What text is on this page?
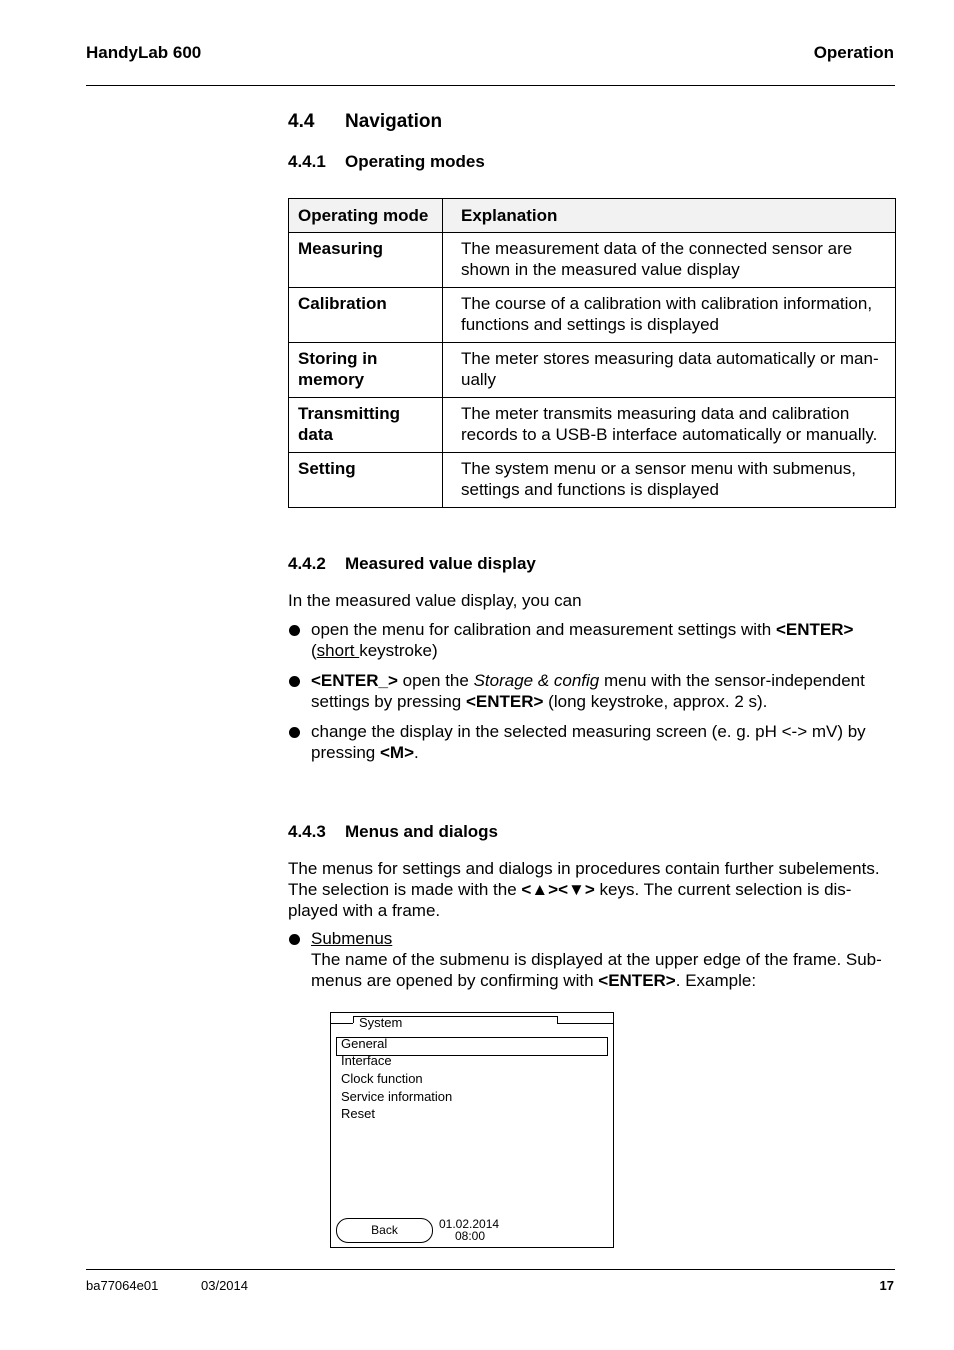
HandyLab 600	Operation
4.4 Navigation
4.4.1 Operating modes
Operating mode	Explanation
Measuring	The measurement data of the connected sensor are shown in the measured value display
Calibration	The course of a calibration with calibration information, functions and settings is displayed
Storing in memory	The meter stores measuring data automatically or man-ually
Transmitting data	The meter transmits measuring data and calibration records to a USB-B interface automatically or manually.
Setting	The system menu or a sensor menu with submenus, settings and functions is displayed
4.4.2 Measured value display
In the measured value display, you can
open the menu for calibration and measurement settings with <ENTER>
(short keystroke)
<ENTER_> open the Storage & config menu with the sensor-independent settings by pressing <ENTER> (long keystroke, approx. 2 s).
change the display in the selected measuring screen (e. g. pH <-> mV) by pressing <M>.
4.4.3 Menus and dialogs
The menus for settings and dialogs in procedures contain further subelements.
The selection is made with the <▲><▼> keys. The current selection is dis-
played with a frame.
Submenus
The name of the submenu is displayed at the upper edge of the frame. Sub-menus are opened by confirming with <ENTER>. Example:
System
General
Interface
Clock function
Service information
Reset
Back	01.02.2014
08:00
ba77064e01	03/2014	17
